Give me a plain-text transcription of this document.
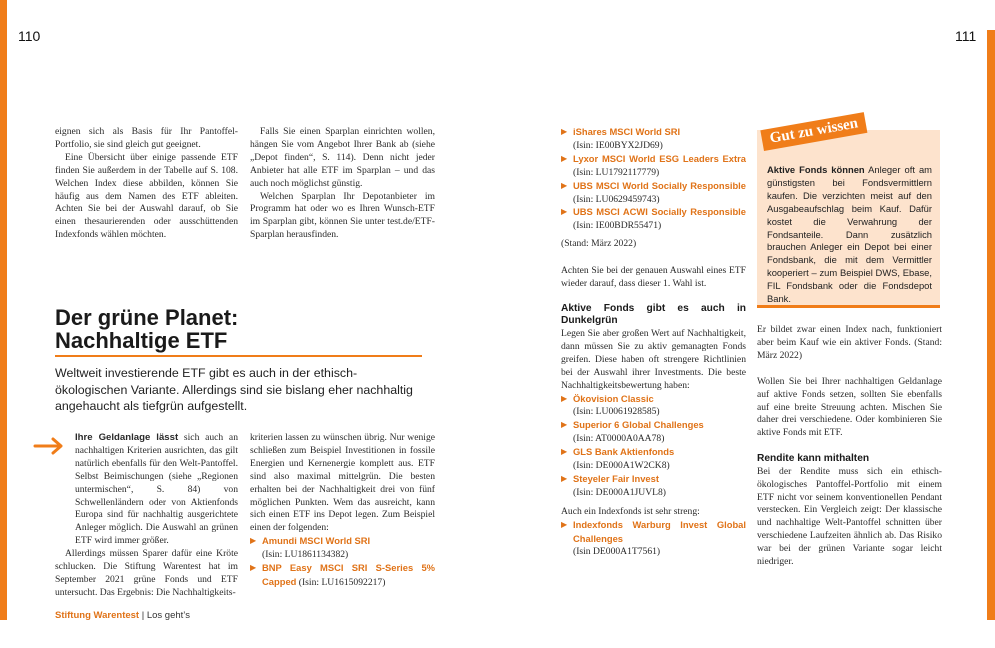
110	111

eignen sich als Basis für Ihr Pantoffel-Portfolio, sie sind gleich gut geeignet.

Eine Übersicht über einige passende ETF finden Sie außerdem in der Tabelle auf S. 108. Welchen Index diese abbilden, können Sie häufig aus dem Namen des ETF ableiten. Achten Sie bei der Auswahl darauf, ob Sie einen thesaurierenden oder ausschüttenden Indexfonds wählen möchten.

Falls Sie einen Sparplan einrichten wollen, hängen Sie vom Angebot Ihrer Bank ab (siehe „Depot finden“, S. 114). Denn nicht jeder Anbieter hat alle ETF im Sparplan – und das auch noch möglichst günstig.

Welchen Sparplan Ihr Depotanbieter im Programm hat oder wo es Ihren Wunsch-ETF im Sparplan gibt, können Sie unter test.de/ETF-Sparplan herausfinden.

Der grüne Planet:
Nachhaltige ETF
Weltweit investierende ETF gibt es auch in der ethisch-ökologischen Variante. Allerdings sind sie bislang eher nachhaltig angehaucht als tiefgrün aufgestellt.

Ihre Geldanlage lässt sich auch an nachhaltigen Kriterien ausrichten, das gilt natürlich ebenfalls für den Welt-Pantoffel. Selbst Beimischungen (siehe „Regionen untermischen“, S. 84) von Schwellenländern oder von Aktienfonds Europa sind für nachhaltig ausgerichtete Anleger möglich. Die Auswahl an grünen ETF wird immer größer.

Allerdings müssen Sparer dafür eine Kröte schlucken. Die Stiftung Warentest hat im September 2021 grüne Fonds und ETF untersucht. Das Ergebnis: Die Nachhaltigkeits-

kriterien lassen zu wünschen übrig. Nur wenige schließen zum Beispiel Investitionen in fossile Energien und Kernenergie komplett aus. ETF sind also maximal mittelgrün. Die besten erhalten bei der Nachhaltigkeit drei von fünf möglichen Punkten. Wem das ausreicht, kann sich einen ETF ins Depot legen. Zum Beispiel einen der folgenden:

▶ Amundi MSCI World SRI
(Isin: LU1861134382)
▶ BNP Easy MSCI SRI S-Series 5% Capped (Isin: LU1615092217)
Stiftung Warentest | Los geht’s
▶ iShares MSCI World SRI
(Isin: IE00BYX2JD69)
▶ Lyxor MSCI World ESG Leaders Extra (Isin: LU1792117779)
▶ UBS MSCI World Socially Responsible (Isin: LU0629459743)
▶ UBS MSCI ACWI Socially Responsible (Isin: IE00BDR55471)

(Stand: März 2022)

Achten Sie bei der genauen Auswahl eines ETF wieder darauf, dass dieser 1. Wahl ist.

Aktive Fonds gibt es auch in Dunkelgrün

Legen Sie aber großen Wert auf Nachhaltigkeit, dann müssen Sie zu aktiv gemanagten Fonds greifen. Diese haben oft strengere Richtlinien bei der Auswahl ihrer Investments. Die beste Nachhaltigkeitsbewertung haben:

▶ Ökovision Classic
(Isin: LU0061928585)
▶ Superior 6 Global Challenges
(Isin: AT0000A0AA78)
▶ GLS Bank Aktienfonds
(Isin: DE000A1W2CK8)
▶ Steyeler Fair Invest
(Isin: DE000A1JUVL8)

Auch ein Indexfonds ist sehr streng:

▶ Indexfonds Warburg Invest Global Challenges
(Isin DE000A1T7561)
Gut zu wissen
Aktive Fonds können Anleger oft am günstigsten bei Fondsvermittlern kaufen. Die verzichten meist auf den Ausgabeaufschlag beim Kauf. Dafür kostet die Verwahrung der Fondsanteile. Dann zusätzlich brauchen Anleger ein Depot bei einer Fondsbank, die mit dem Vermittler kooperiert – zum Beispiel DWS, Ebase, FIL Fondsbank oder die Fondsdepot Bank.

Er bildet zwar einen Index nach, funktioniert aber beim Kauf wie ein aktiver Fonds. (Stand: März 2022)

Wollen Sie bei Ihrer nachhaltigen Geldanlage auf aktive Fonds setzen, sollten Sie ebenfalls auf eine breite Streuung achten. Mischen Sie daher drei verschiedene. Oder kombinieren Sie aktive Fonds mit ETF.

Rendite kann mithalten

Bei der Rendite muss sich ein ethisch-ökologisches Pantoffel-Portfolio mit einem ETF nicht vor seinem konventionellen Pendant verstecken. Ein Vergleich zeigt: Der klassische und nachhaltige Welt-Pantoffel schnitten über verschiedene Laufzeiten ähnlich ab. Das Risiko war bei der grünen Variante sogar leicht niedriger.
